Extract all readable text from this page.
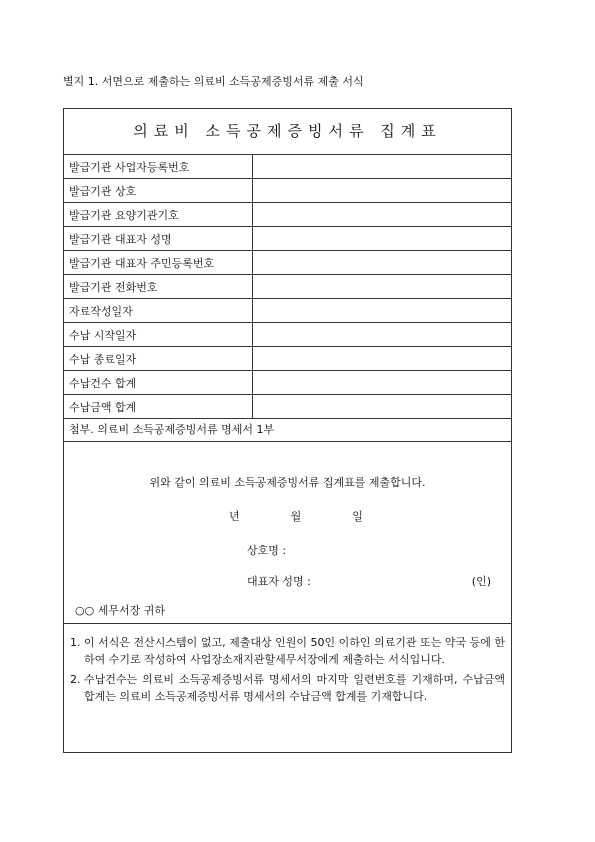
별지 1. 서면으로 제출하는 의료비 소득공제증빙서류 제출 서식
의료비 소득공제증빙서류 집계표
발급기관 사업자등록번호	
발급기관 상호	
발급기관 요양기관기호	
발급기관 대표자 성명	
발급기관 대표자 주민등록번호	
발급기관 전화번호	
자료작성일자	
수납 시작일자	
수납 종료일자	
수납건수 합계	
수납금액 합계	
첨부. 의료비 소득공제증빙서류 명세서 1부
위와 같이 의료비 소득공제증빙서류 집계표를 제출합니다.
년	월	일
상호명 :
대표자 성명 :	(인)
○○ 세무서장 귀하
1. 이 서식은 전산시스템이 없고, 제출대상 인원이 50인 이하인 의료기관 또는 약국 등에 한하여 수기로 작성하여 사업장소재지관할세무서장에게 제출하는 서식입니다.
2. 수납건수는 의료비 소득공제증빙서류 명세서의 마지막 일련번호를 기재하며, 수납금액 합계는 의료비 소득공제증빙서류 명세서의 수납금액 합계를 기재합니다.
